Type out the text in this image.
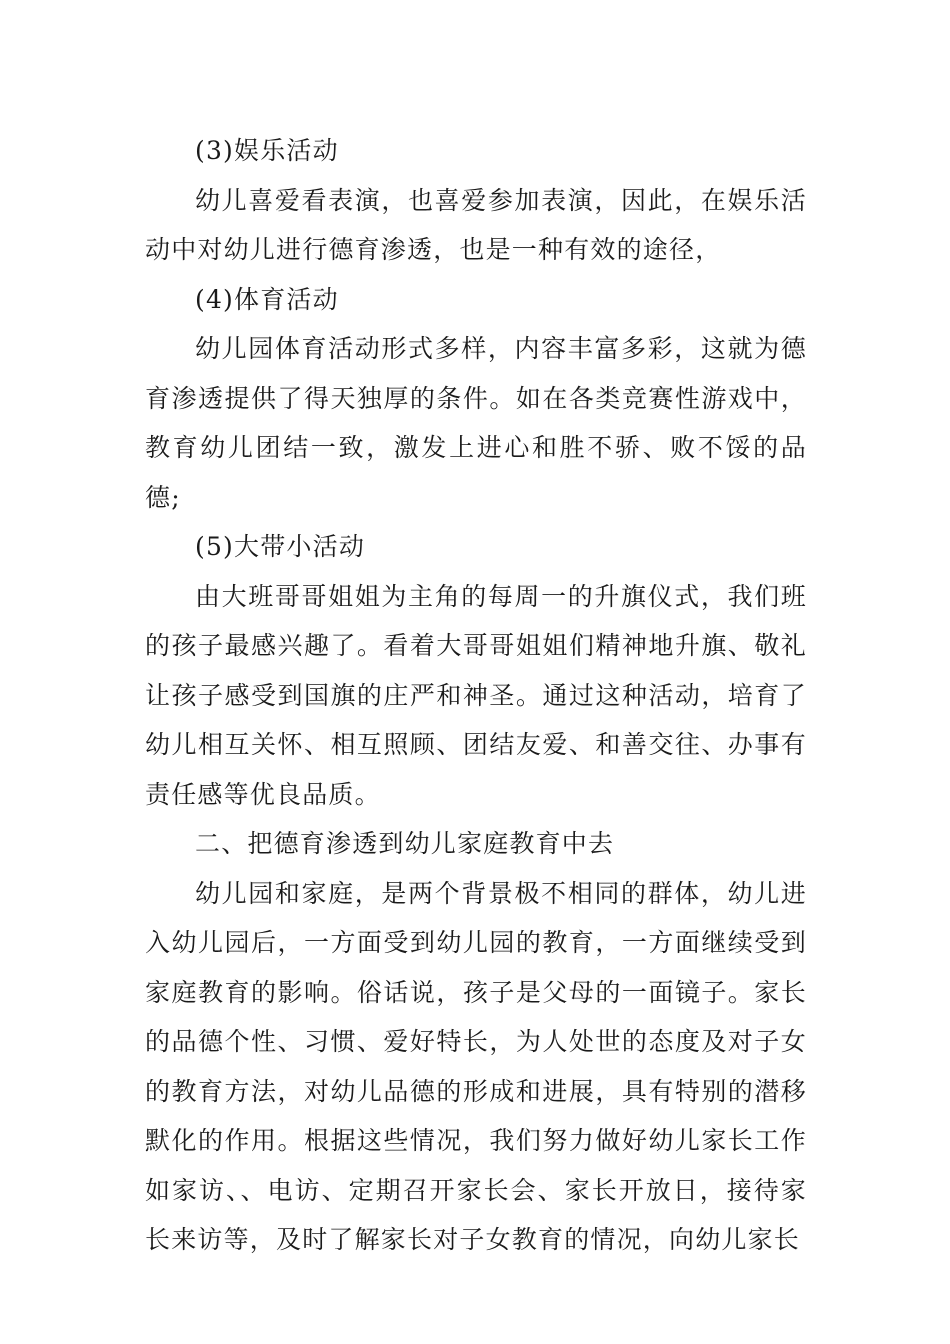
(3)娱乐活动

幼儿喜爱看表演，也喜爱参加表演，因此，在娱乐活动中对幼儿进行德育渗透，也是一种有效的途径，

(4)体育活动

幼儿园体育活动形式多样，内容丰富多彩，这就为德育渗透提供了得天独厚的条件。如在各类竞赛性游戏中，教育幼儿团结一致，激发上进心和胜不骄、败不馁的品德;

(5)大带小活动

由大班哥哥姐姐为主角的每周一的升旗仪式，我们班的孩子最感兴趣了。看着大哥哥姐姐们精神地升旗、敬礼让孩子感受到国旗的庄严和神圣。通过这种活动，培育了幼儿相互关怀、相互照顾、团结友爱、和善交往、办事有责任感等优良品质。

二、把德育渗透到幼儿家庭教育中去

幼儿园和家庭，是两个背景极不相同的群体，幼儿进入幼儿园后，一方面受到幼儿园的教育，一方面继续受到家庭教育的影响。俗话说，孩子是父母的一面镜子。家长的品德个性、习惯、爱好特长，为人处世的态度及对子女的教育方法，对幼儿品德的形成和进展，具有特别的潜移默化的作用。根据这些情况，我们努力做好幼儿家长工作如家访、、电访、定期召开家长会、家长开放日，接待家长来访等，及时了解家长对子女教育的情况，向幼儿家长
